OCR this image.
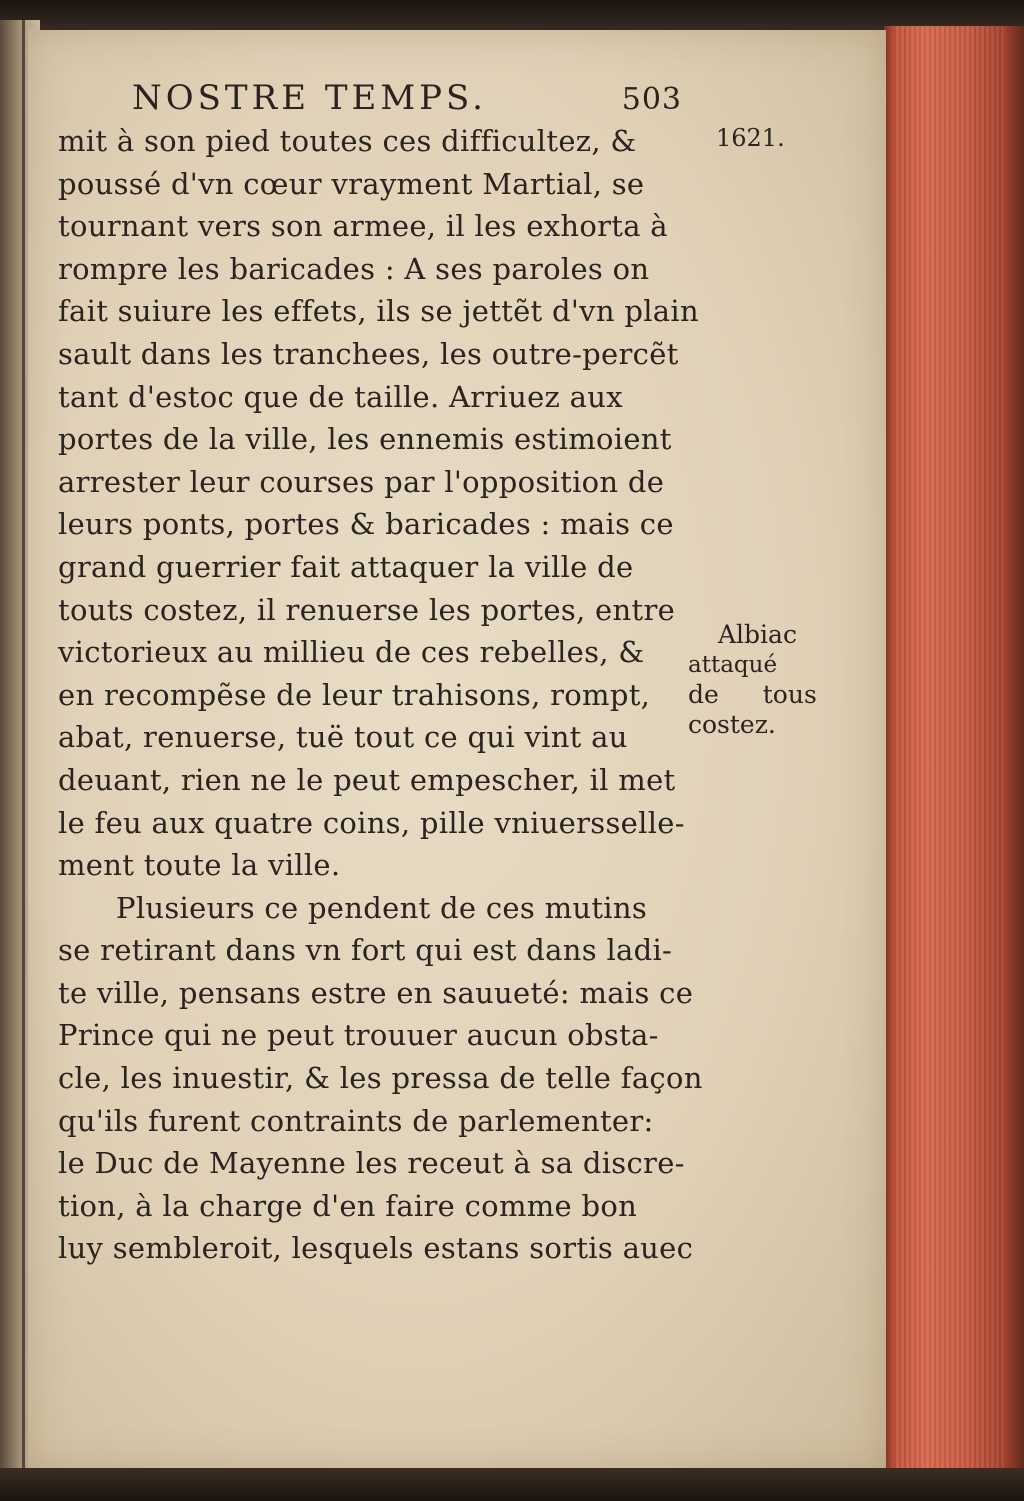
NOSTRE TEMPS.	503
1621.
Albiac
attaqué
de tous
costez.
mit à son pied toutes ces difficultez, &
poussé d'vn cœur vrayment Martial, se
tournant vers son armee, il les exhorta à
rompre les baricades : A ses paroles on
fait suiure les effets, ils se jettẽt d'vn plain
sault dans les tranchees, les outre-percẽt
tant d'estoc que de taille. Arriuez aux
portes de la ville, les ennemis estimoient
arrester leur courses par l'opposition de
leurs ponts, portes & baricades : mais ce
grand guerrier fait attaquer la ville de
touts costez, il renuerse les portes, entre
victorieux au millieu de ces rebelles, &
en recompẽse de leur trahisons, rompt,
abat, renuerse, tuë tout ce qui vint au
deuant, rien ne le peut empescher, il met
le feu aux quatre coins, pille vniuersselle-
ment toute la ville.
Plusieurs ce pendent de ces mutins
se retirant dans vn fort qui est dans ladi-
te ville, pensans estre en sauueté: mais ce
Prince qui ne peut trouuer aucun obsta-
cle, les inuestir, & les pressa de telle façon
qu'ils furent contraints de parlementer:
le Duc de Mayenne les receut à sa discre-
tion, à la charge d'en faire comme bon
luy sembleroit, lesquels estans sortis auec
